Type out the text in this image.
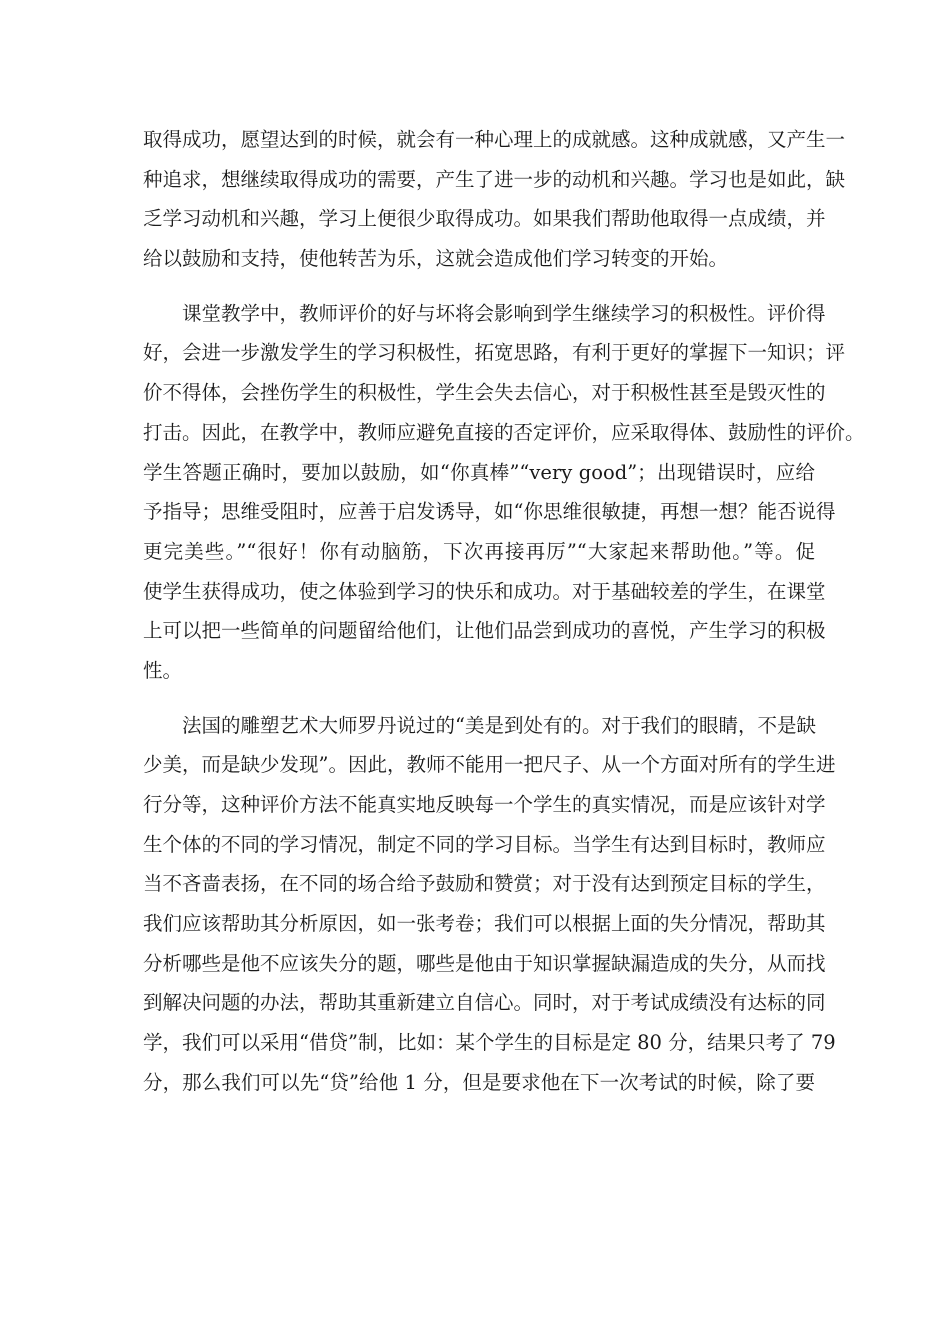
取得成功，愿望达到的时候，就会有一种心理上的成就感。这种成就感，又产生一
种追求，想继续取得成功的需要，产生了进一步的动机和兴趣。学习也是如此，缺
乏学习动机和兴趣，学习上便很少取得成功。如果我们帮助他取得一点成绩，并
给以鼓励和支持，使他转苦为乐，这就会造成他们学习转变的开始。
　　课堂教学中，教师评价的好与坏将会影响到学生继续学习的积极性。评价得
好，会进一步激发学生的学习积极性，拓宽思路，有利于更好的掌握下一知识；评
价不得体，会挫伤学生的积极性，学生会失去信心，对于积极性甚至是毁灭性的
打击。因此，在教学中，教师应避免直接的否定评价，应采取得体、鼓励性的评价。
学生答题正确时，要加以鼓励，如“你真棒”“very good”；出现错误时，应给
予指导；思维受阻时，应善于启发诱导，如“你思维很敏捷，再想一想？能否说得
更完美些。”“很好！你有动脑筋，下次再接再厉”“大家起来帮助他。”等。促
使学生获得成功，使之体验到学习的快乐和成功。对于基础较差的学生，在课堂
上可以把一些简单的问题留给他们，让他们品尝到成功的喜悦，产生学习的积极
性。
　　法国的雕塑艺术大师罗丹说过的“美是到处有的。对于我们的眼睛，不是缺
少美，而是缺少发现”。因此，教师不能用一把尺子、从一个方面对所有的学生进
行分等，这种评价方法不能真实地反映每一个学生的真实情况，而是应该针对学
生个体的不同的学习情况，制定不同的学习目标。当学生有达到目标时，教师应
当不吝啬表扬，在不同的场合给予鼓励和赞赏；对于没有达到预定目标的学生，
我们应该帮助其分析原因，如一张考卷；我们可以根据上面的失分情况，帮助其
分析哪些是他不应该失分的题，哪些是他由于知识掌握缺漏造成的失分，从而找
到解决问题的办法，帮助其重新建立自信心。同时，对于考试成绩没有达标的同
学，我们可以采用“借贷”制，比如：某个学生的目标是定 80 分，结果只考了 79
分，那么我们可以先“贷”给他 1 分，但是要求他在下一次考试的时候，除了要
